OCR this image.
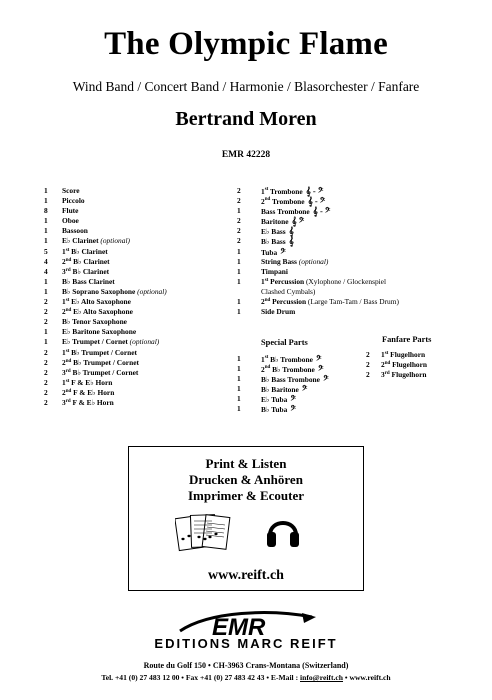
The Olympic Flame
Wind Band / Concert Band / Harmonie / Blasorchester / Fanfare
Bertrand Moren
EMR 42228
1	Score
1	Piccolo
8	Flute
1	Oboe
1	Bassoon
1	E♭ Clarinet (optional)
5	1st B♭ Clarinet
4	2nd B♭ Clarinet
4	3rd B♭ Clarinet
1	B♭ Bass Clarinet
1	B♭ Soprano Saxophone (optional)
2	1st E♭ Alto Saxophone
2	2nd E♭ Alto Saxophone
2	B♭ Tenor Saxophone
1	E♭ Baritone Saxophone
1	E♭ Trumpet / Cornet (optional)
2	1st B♭ Trumpet / Cornet
2	2nd B♭ Trumpet / Cornet
2	3rd B♭ Trumpet / Cornet
2	1st F & E♭ Horn
2	2nd F & E♭ Horn
2	3rd F & E♭ Horn
2	1st Trombone 𝄞 - 𝄢
2	2nd Trombone 𝄞 - 𝄢
1	Bass Trombone 𝄞 - 𝄢
2	Baritone 𝄞 𝄢
2	E♭ Bass 𝄞
2	B♭ Bass 𝄞
1	Tuba 𝄢
1	String Bass (optional)
1	Timpani
1	1st Percussion (Xylophone / Glockenspiel
Clashed Cymbals)
1	2nd Percussion (Large Tam-Tam / Bass Drum)
1	Side Drum
Special Parts	Fanfare Parts
1	1st B♭ Trombone 𝄢
1	2nd B♭ Trombone 𝄢
1	B♭ Bass Trombone 𝄢
1	B♭ Baritone 𝄢
1	E♭ Tuba 𝄢
1	B♭ Tuba 𝄢
2	1st Flugelhorn
2	2nd Flugelhorn
2	3rd Flugelhorn
Print & Listen
Drucken & Anhören
Imprimer & Ecouter
www.reift.ch
EMR
EDITIONS MARC REIFT
Route du Golf 150 • CH-3963 Crans-Montana (Switzerland)
Tel. +41 (0) 27 483 12 00 • Fax +41 (0) 27 483 42 43 • E-Mail : info@reift.ch • www.reift.ch
